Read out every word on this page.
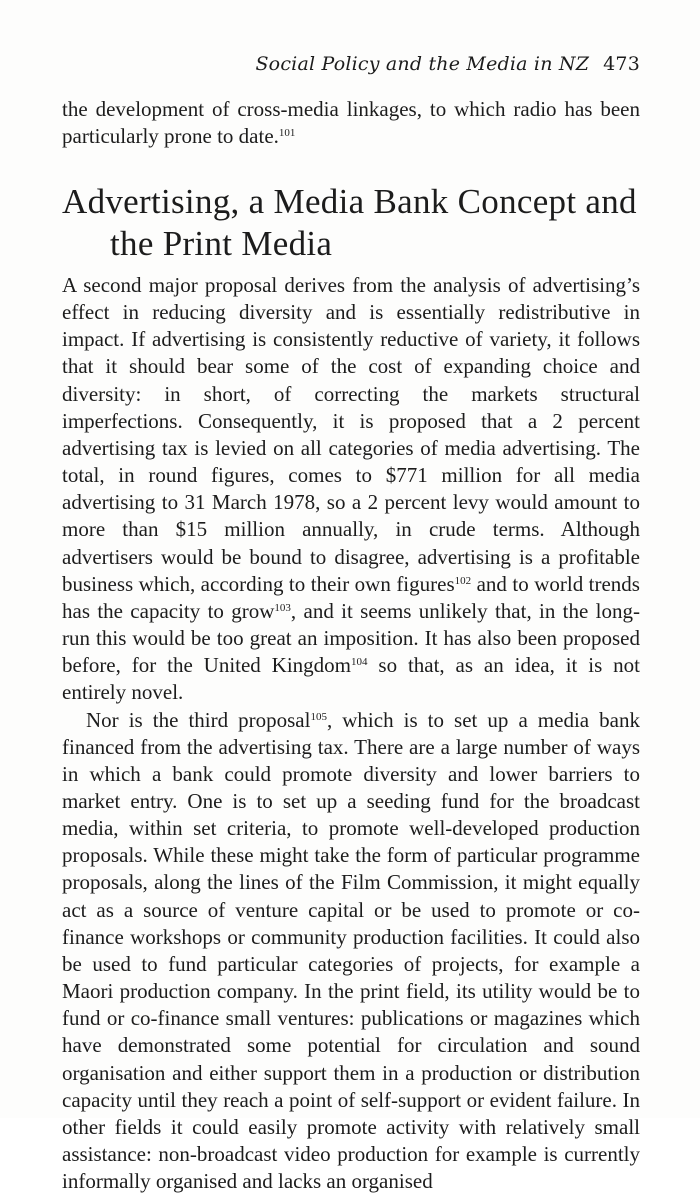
Social Policy and the Media in NZ 473

the development of cross-media linkages, to which radio has been particularly prone to date.$^{101}$

Advertising, a Media Bank Concept and
the Print Media

A second major proposal derives from the analysis of advertising’s effect in reducing diversity and is essentially redistributive in impact. If advertising is consistently reductive of variety, it follows that it should bear some of the cost of expanding choice and diversity: in short, of correcting the markets structural imperfections. Consequently, it is proposed that a 2 percent advertising tax is levied on all categories of media advertising. The total, in round figures, comes to $771 million for all media advertising to 31 March 1978, so a 2 percent levy would amount to more than $15 million annually, in crude terms. Although advertisers would be bound to disagree, advertising is a profitable business which, according to their own figures$^{102}$ and to world trends has the capacity to grow$^{103}$, and it seems unlikely that, in the long-run this would be too great an imposition. It has also been proposed before, for the United Kingdom$^{104}$ so that, as an idea, it is not entirely novel.

Nor is the third proposal$^{105}$, which is to set up a media bank financed from the advertising tax. There are a large number of ways in which a bank could promote diversity and lower barriers to market entry. One is to set up a seeding fund for the broadcast media, within set criteria, to promote well-developed production proposals. While these might take the form of particular programme proposals, along the lines of the Film Commission, it might equally act as a source of venture capital or be used to promote or co-finance workshops or community production facilities. It could also be used to fund particular categories of projects, for example a Maori production company. In the print field, its utility would be to fund or co-finance small ventures: publications or magazines which have demonstrated some potential for circulation and sound organisation and either support them in a production or distribution capacity until they reach a point of self-support or evident failure. In other fields it could easily promote activity with relatively small assistance: non-broadcast video production for example is currently informally organised and lacks an organised
